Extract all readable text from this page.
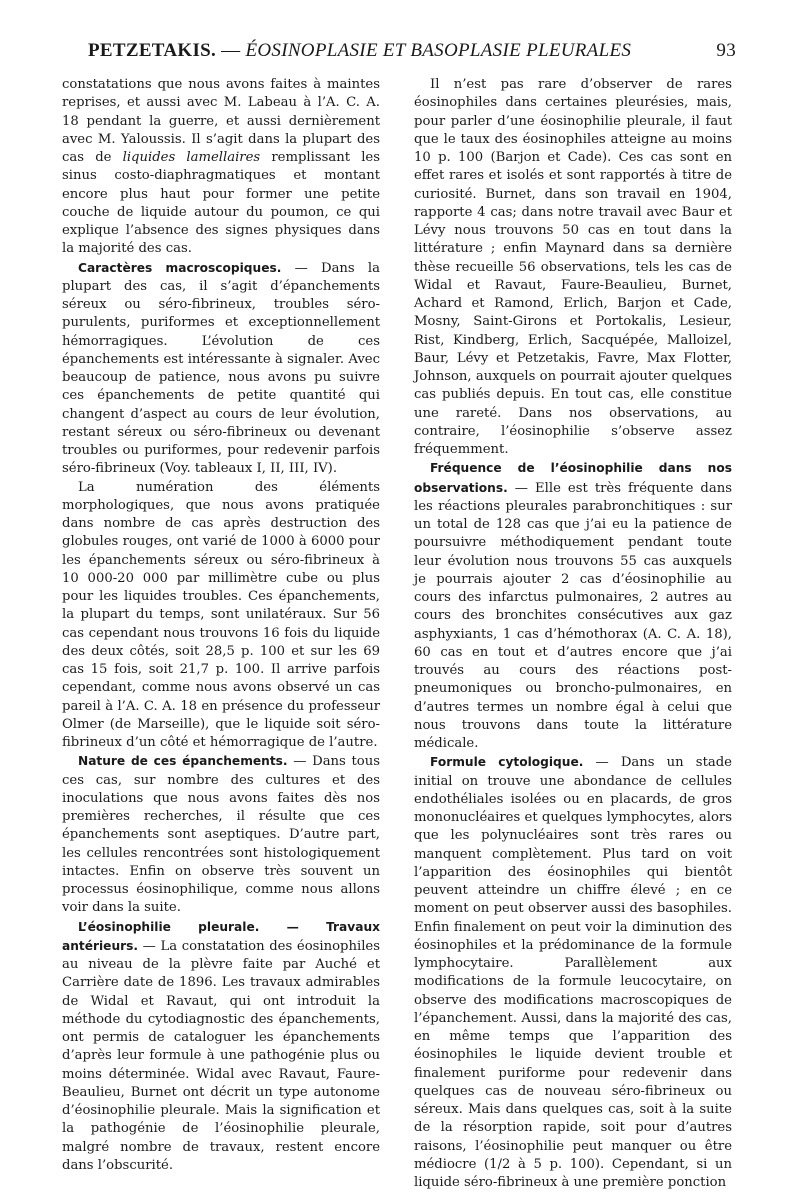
PETZETAKIS. — ÉOSINOPLASIE ET BASOPLASIE PLEURALES	93

constatations que nous avons faites à maintes reprises, et aussi avec M. Labeau à l’A. C. A. 18 pendant la guerre, et aussi dernièrement avec M. Yaloussis. Il s’agit dans la plupart des cas de liquides lamellaires remplissant les sinus costo-diaphragmatiques et montant encore plus haut pour former une petite couche de liquide autour du poumon, ce qui explique l’absence des signes physiques dans la majorité des cas.

Caractères macroscopiques. — Dans la plupart des cas, il s’agit d’épanchements séreux ou séro-fibrineux, troubles séro-purulents, puriformes et exceptionnellement hémorragiques. L’évolution de ces épanchements est intéressante à signaler. Avec beaucoup de patience, nous avons pu suivre ces épanchements de petite quantité qui changent d’aspect au cours de leur évolution, restant séreux ou séro-fibrineux ou devenant troubles ou puriformes, pour redevenir parfois séro-fibrineux (Voy. tableaux I, II, III, IV).

La numération des éléments morphologiques, que nous avons pratiquée dans nombre de cas après destruction des globules rouges, ont varié de 1000 à 6000 pour les épanchements séreux ou séro-fibrineux à 10 000-20 000 par millimètre cube ou plus pour les liquides troubles. Ces épanchements, la plupart du temps, sont unilatéraux. Sur 56 cas cependant nous trouvons 16 fois du liquide des deux côtés, soit 28,5 p. 100 et sur les 69 cas 15 fois, soit 21,7 p. 100. Il arrive parfois cependant, comme nous avons observé un cas pareil à l’A. C. A. 18 en présence du professeur Olmer (de Marseille), que le liquide soit séro-fibrineux d’un côté et hémorragique de l’autre.

Nature de ces épanchements. — Dans tous ces cas, sur nombre des cultures et des inoculations que nous avons faites dès nos premières recherches, il résulte que ces épanchements sont aseptiques. D’autre part, les cellules rencontrées sont histologiquement intactes. Enfin on observe très souvent un processus éosinophilique, comme nous allons voir dans la suite.

L’éosinophilie pleurale. — Travaux antérieurs. — La constatation des éosinophiles au niveau de la plèvre faite par Auché et Carrière date de 1896. Les travaux admirables de Widal et Ravaut, qui ont introduit la méthode du cytodiagnostic des épanchements, ont permis de cataloguer les épanchements d’après leur formule à une pathogénie plus ou moins déterminée. Widal avec Ravaut, Faure-Beaulieu, Burnet ont décrit un type autonome d’éosinophilie pleurale. Mais la signification et la pathogénie de l’éosinophilie pleurale, malgré nombre de travaux, restent encore dans l’obscurité.

Il n’est pas rare d’observer de rares éosinophiles dans certaines pleurésies, mais, pour parler d’une éosinophilie pleurale, il faut que le taux des éosinophiles atteigne au moins 10 p. 100 (Barjon et Cade). Ces cas sont en effet rares et isolés et sont rapportés à titre de curiosité. Burnet, dans son travail en 1904, rapporte 4 cas; dans notre travail avec Baur et Lévy nous trouvons 50 cas en tout dans la littérature ; enfin Maynard dans sa dernière thèse recueille 56 observations, tels les cas de Widal et Ravaut, Faure-Beaulieu, Burnet, Achard et Ramond, Erlich, Barjon et Cade, Mosny, Saint-Girons et Portokalis, Lesieur, Rist, Kindberg, Erlich, Sacquépée, Malloizel, Baur, Lévy et Petzetakis, Favre, Max Flotter, Johnson, auxquels on pourrait ajouter quelques cas publiés depuis. En tout cas, elle constitue une rareté. Dans nos observations, au contraire, l’éosinophilie s’observe assez fréquemment.

Fréquence de l’éosinophilie dans nos observations. — Elle est très fréquente dans les réactions pleurales parabronchitiques : sur un total de 128 cas que j’ai eu la patience de poursuivre méthodiquement pendant toute leur évolution nous trouvons 55 cas auxquels je pourrais ajouter 2 cas d’éosinophilie au cours des infarctus pulmonaires, 2 autres au cours des bronchites consécutives aux gaz asphyxiants, 1 cas d’hémothorax (A. C. A. 18), 60 cas en tout et d’autres encore que j’ai trouvés au cours des réactions post-pneumoniques ou broncho-pulmonaires, en d’autres termes un nombre égal à celui que nous trouvons dans toute la littérature médicale.

Formule cytologique. — Dans un stade initial on trouve une abondance de cellules endothéliales isolées ou en placards, de gros mononucléaires et quelques lymphocytes, alors que les polynucléaires sont très rares ou manquent complètement. Plus tard on voit l’apparition des éosinophiles qui bientôt peuvent atteindre un chiffre élevé ; en ce moment on peut observer aussi des basophiles. Enfin finalement on peut voir la diminution des éosinophiles et la prédominance de la formule lymphocytaire. Parallèlement aux modifications de la formule leucocytaire, on observe des modifications macroscopiques de l’épanchement. Aussi, dans la majorité des cas, en même temps que l’apparition des éosinophiles le liquide devient trouble et finalement puriforme pour redevenir dans quelques cas de nouveau séro-fibrineux ou séreux. Mais dans quelques cas, soit à la suite de la résorption rapide, soit pour d’autres raisons, l’éosinophilie peut manquer ou être médiocre (1/2 à 5 p. 100). Cependant, si un liquide séro-fibrineux à une première ponction
